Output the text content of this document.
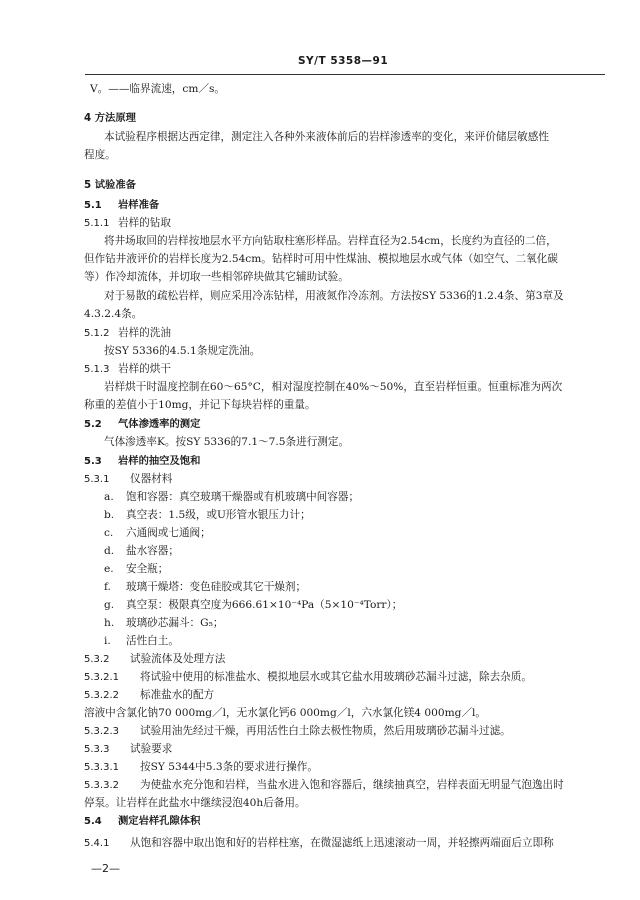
SY/T 5358—91
V。——临界流速，cm／s。
4 方法原理
本试验程序根据达西定律，测定注入各种外来液体前后的岩样渗透率的变化，来评价储层敏感性
程度。
5 试验准备
5.1 岩样准备
5.1.1 岩样的钻取
将井场取回的岩样按地层水平方向钻取柱塞形样品。岩样直径为2.54cm，长度约为直径的二倍，
但作钻井液评价的岩样长度为2.54cm。钻样时可用中性煤油、模拟地层水或气体（如空气、二氧化碳
等）作冷却流体，并切取一些相邻碎块做其它辅助试验。
对于易散的疏松岩样，则应采用冷冻钻样，用液氮作冷冻剂。方法按SY 5336的1.2.4条、第3章及
4.3.2.4条。
5.1.2 岩样的洗油
按SY 5336的4.5.1条规定洗油。
5.1.3 岩样的烘干
岩样烘干时温度控制在60～65°C，相对湿度控制在40%～50%，直至岩样恒重。恒重标准为两次
称重的差值小于10mg，并记下每块岩样的重量。
5.2 气体渗透率的测定
气体渗透率K。按SY 5336的7.1～7.5条进行测定。
5.3 岩样的抽空及饱和
5.3.1 仪器材料
a. 饱和容器：真空玻璃干燥器或有机玻璃中间容器；
b. 真空表：1.5级，或U形管水银压力计；
c. 六通阀或七通阀；
d. 盐水容器；
e. 安全瓶；
f. 玻璃干燥塔：变色硅胶或其它干燥剂；
g. 真空泵：极限真空度为666.61×10⁻⁴Pa（5×10⁻⁴Torr）；
h. 玻璃砂芯漏斗：G₅；
i. 活性白土。
5.3.2 试验流体及处理方法
5.3.2.1 将试验中使用的标准盐水、模拟地层水或其它盐水用玻璃砂芯漏斗过滤，除去杂质。
5.3.2.2 标准盐水的配方
溶液中含氯化钠70 000mg／l，无水氯化钙6 000mg／l，六水氯化镁4 000mg／l。
5.3.2.3 试验用油先经过干燥，再用活性白土除去极性物质，然后用玻璃砂芯漏斗过滤。
5.3.3 试验要求
5.3.3.1 按SY 5344中5.3条的要求进行操作。
5.3.3.2 为使盐水充分饱和岩样，当盐水进入饱和容器后，继续抽真空，岩样表面无明显气泡逸出时
停泵。让岩样在此盐水中继续浸泡40h后备用。
5.4 测定岩样孔隙体积
5.4.1 从饱和容器中取出饱和好的岩样柱塞，在微湿滤纸上迅速滚动一周，并轻擦两端面后立即称
—2—
